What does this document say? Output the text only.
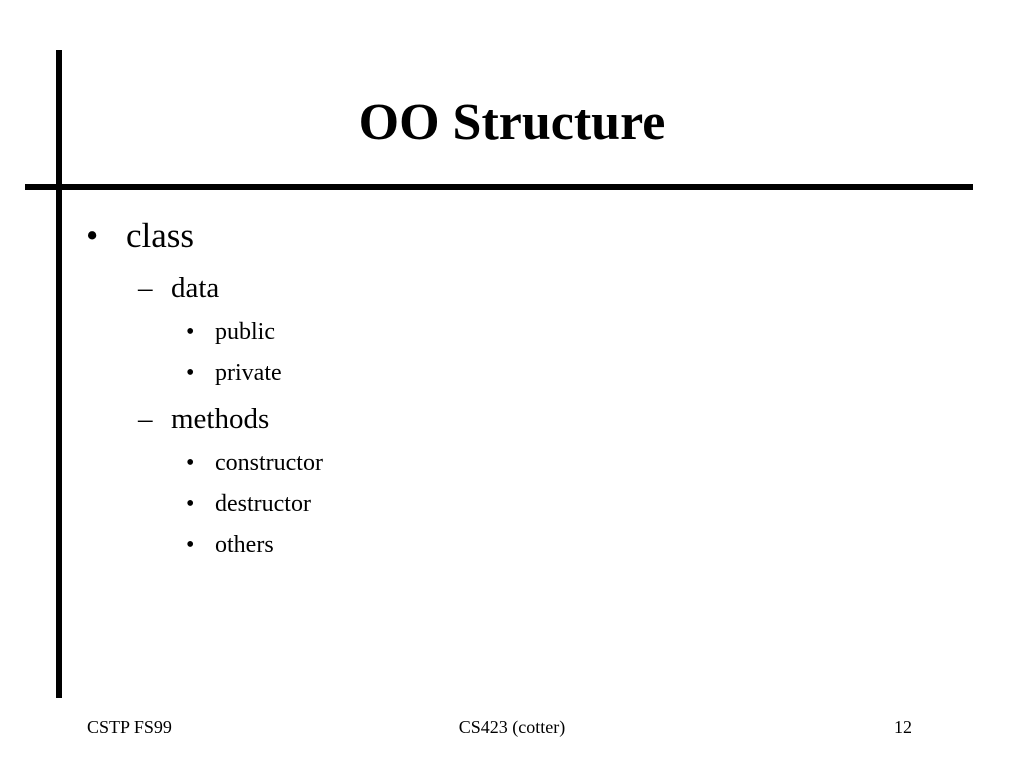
OO Structure
• class
– data
• public
• private
– methods
• constructor
• destructor
• others
CSTP FS99	CS423 (cotter)	12
